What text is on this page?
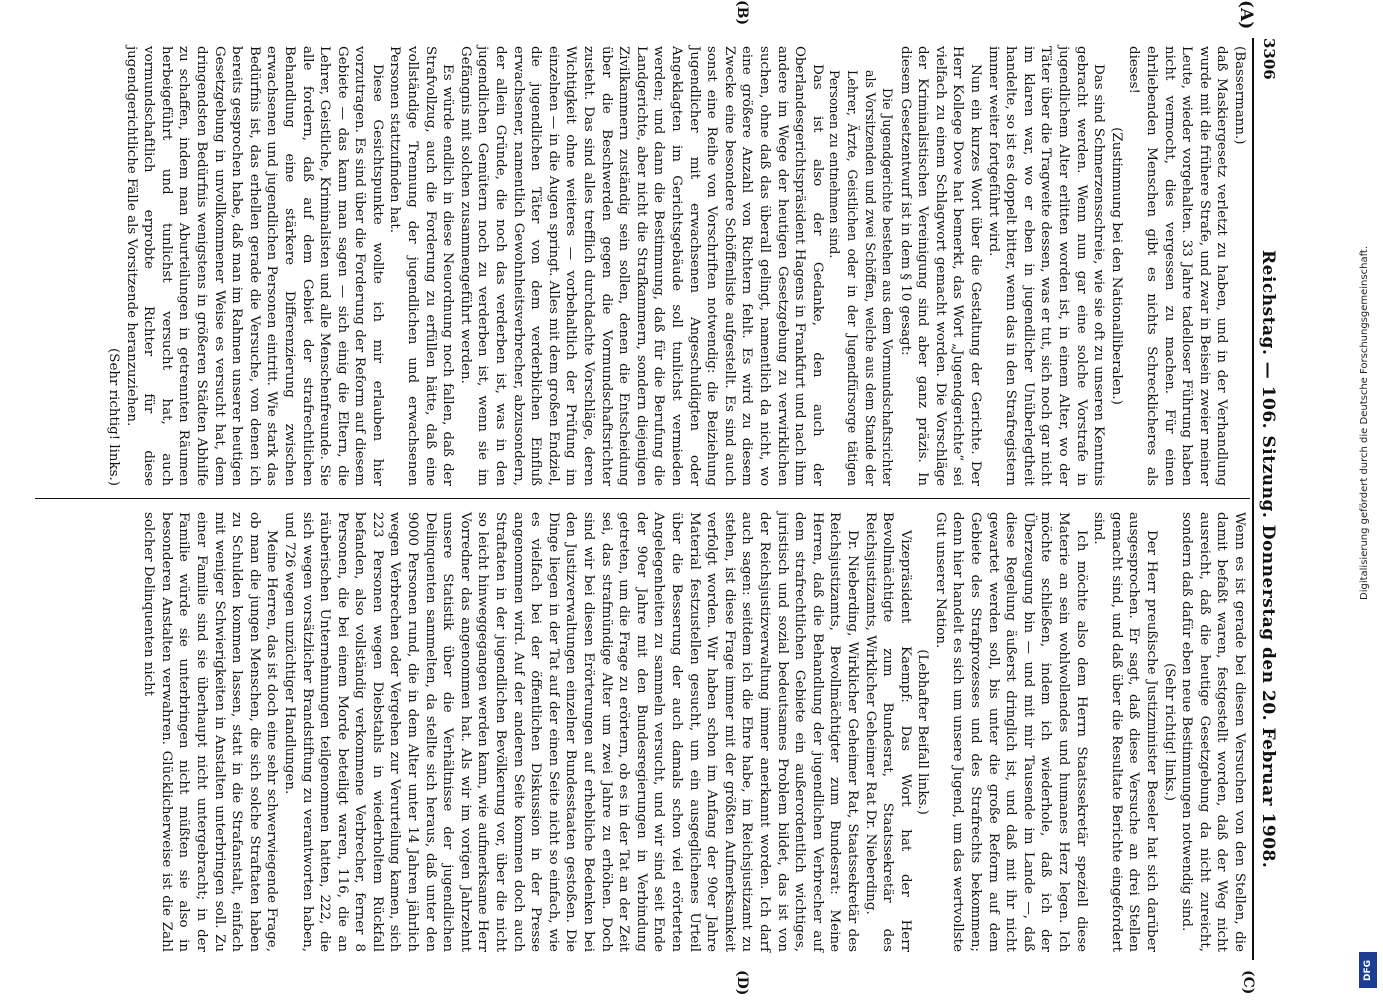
3306
Reichstag. — 106. Sitzung. Donnerstag den 20. Februar 1908.
(A)
(B)
(C)
(D)

(Bassermann.)

daß Maskiergesetz verletzt zu haben, und in der Verhandlung wurde mit die frühere Strafe, und zwar in Beisein zweier meiner Leute, wieder vorgehalten. 33 Jahre tadelloser Führung haben nicht vermocht, dies vergessen zu machen. Für einen ehrliebenden Menschen gibt es nichts Schrecklicheres als dieses!

(Zustimmung bei den Nationalliberalen.)

Das sind Schmerzensschreie, wie sie oft zu unseren Kenntnis gebracht werden. Wenn nun gar eine solche Vorstrafe in jugendlichem Alter erlitten worden ist, in einem Alter, wo der Täter über die Tragweite dessen, was er tut, sich noch gar nicht im klaren war, wo er eben in jugendlicher Unüberlegtheit handelte, so ist es doppelt bitter, wenn das in den Strafregistern immer weiter fortgeführt wird.

Nun ein kurzes Wort über die Gestaltung der Gerichte. Der Herr Kollege Dove hat bemerkt, das Wort „Jugendgerichte“ sei vielfach zu einem Schlagwort gemacht worden. Die Vorschläge der Kriminalistischen Vereinigung sind aber ganz präzis. In diesem Gesetzentwurf ist in dem § 10 gesagt:

Die Jugendgerichte bestehen aus dem Vormundschaftsrichter als Vorsitzenden und zwei Schöffen, welche aus dem Stande der Lehrer, Ärzte, Geistlichen oder in der Jugendfürsorge tätigen Personen zu entnehmen sind.

Das ist also der Gedanke, den auch der Oberlandesgerichtspräsident Hagens in Frankfurt und nach ihm andere im Wege der heutigen Gesetzgebung zu verwirklichen suchen, ohne daß das überall gelingt, namentlich da nicht, wo eine größere Anzahl von Richtern fehlt. Es wird zu diesem Zwecke eine besondere Schöffenliste aufgestellt. Es sind auch sonst eine Reihe von Vorschriften notwendig: die Beiziehung Jugendlicher mit erwachsenen Angeschuldigten oder Angeklagten im Gerichtsgebäude soll tunlichst vermieden werden; und dann die Bestimmung, daß für die Berufung die Landgerichte, aber nicht die Strafkammern, sondern diejenigen Zivilkammern zuständig sein sollen, denen die Entscheidung über die Beschwerden gegen die Vormundschaftsrichter zusteht. Das sind alles trefflich durchdachte Vorschläge, deren Wichtigkeit ohne weiteres — vorbehaltlich der Prüfung im einzelnen — in die Augen springt. Alles mit dem großen Endziel, die jugendlichen Täter von dem verderblichen Einfluß erwachsener, namentlich Gewohnheitsverbrecher, abzusondern, der allein Gründe, die noch das verderben ist, was in den jugendlichen Gemütern noch zu verderben ist, wenn sie im Gefängnis mit solchen zusammengeführt werden.

Es würde endlich in diese Neuordnung noch fallen, daß der Strafvollzug, auch die Forderung zu erfüllen hätte, daß eine vollständige Trennung der jugendlichen und erwachsenen Personen stattzufinden hat.

Diese Gesichtspunkte wollte ich mir erlauben hier vorzutragen. Es sind über die Forderung der Reform auf diesem Gebiete — das kann man sagen — sich einig die Eltern, die Lehrer, Geistliche, Kriminalisten und alle Menschenfreunde. Sie alle fordern, daß auf dem Gebiet der strafrechtlichen Behandlung eine stärkere Differenzierung zwischen erwachsenen und jugendlichen Personen eintritt. Wie stark das Bedürfnis ist, das erhellen gerade die Versuche, von denen ich bereits gesprochen habe, daß man im Rahmen unserer heutigen Gesetzgebung in unvollkommener Weise es versucht hat, dem dringendsten Bedürfnis wenigstens in größeren Städten Abhilfe zu schaffen, indem man Aburteilungen in getrennten Räumen herbeigeführt und tunlichst versucht hat, auch vormundschaftlich erprobte Richter für diese jugendgerichtliche Fälle als Vorsitzende heranzuziehen.

(Sehr richtig! links.)

Wenn es ist gerade bei diesen Versuchen von den Stellen, die damit befaßt waren, festgestellt worden, daß der Weg nicht ausreicht, daß die heutige Gesetzgebung da nicht zureicht, sondern daß dafür eben neue Bestimmungen notwendig sind.

(Sehr richtig! links.)

Der Herr preußische Justizminister Beseler hat sich darüber ausgesprochen. Er sagt, daß diese Versuche an drei Stellen gemacht sind, und daß über die Resultate Berichte eingefordert sind.

Ich möchte also dem Herrn Staatssekretär speziell diese Materie an sein wohlwollendes und humanes Herz legen. Ich möchte schließen, indem ich wiederhole, daß ich der Überzeugung bin — und mit mir Tausende im Lande —, daß diese Regelung äußerst dringlich ist, und daß mit ihr nicht gewartet werden soll, bis unter die große Reform auf dem Gebiete des Strafprozesses und des Strafrechts bekommen; denn hier handelt es sich um unsere Jugend, um das wertvollste Gut unserer Nation.

(Lebhafter Beifall links.)

Vizepräsident Kaempf: Das Wort hat der Herr Bevollmächtigte zum Bundesrat, Staatssekretär des Reichsjustizamts, Wirklicher Geheimer Rat Dr. Nieberding.

Dr. Nieberding, Wirklicher Geheimer Rat, Staatssekretär des Reichsjustizamts, Bevollmächtigter zum Bundesrat: Meine Herren, daß die Behandlung der jugendlichen Verbrecher auf dem strafrechtlichen Gebiete ein außerordentlich wichtiges, juristisch und sozial bedeutsames Problem bildet, das ist von der Reichsjustizverwaltung immer anerkannt worden. Ich darf auch sagen: seitdem ich die Ehre habe, im Reichsjustizamt zu stehen, ist diese Frage immer mit der größten Aufmerksamkeit verfolgt worden. Wir haben schon im Anfang der 90er Jahre Material festzustellen gesucht, um ein ausgeglichenes Urteil über die Besserung der auch damals schon viel erörterten Angelegenheiten zu sammeln versucht, und wir sind seit Ende der 90er Jahre mit den Bundesregierungen in Verbindung getreten, um die Frage zu erörtern, ob es in der Tat an der Zeit sei, das strafmündige Alter um zwei Jahre zu erhöhen. Doch sind wir bei diesen Erörterungen auf erhebliche Bedenken bei den Justizverwaltungen einzelner Bundesstaaten gestoßen. Die Dinge liegen in der Tat auf der einen Seite nicht so einfach, wie es vielfach bei der öffentlichen Diskussion in der Presse angenommen wird. Auf der anderen Seite kommen doch auch Straftaten in der jugendlichen Bevölkerung vor, über die nicht so leicht hinweggegangen werden kann, wie aufmerksame Herr Vorredner das angenommen hat. Als wir im vorigen Jahrzehnt unsere Statistik über die Verhältnisse der jugendlichen Delinquenten sammelten, da stellte sich heraus, daß unter den 9000 Personen rund, die in dem Alter unter 14 Jahren jährlich wegen Verbrechen oder Vergehen zur Verurteilung kamen, sich 223 Personen wegen Diebstahls in wiederholtem Rückfall befanden, also vollständig verkommene Verbrecher, ferner 8 Personen, die bei einem Morde beteiligt waren, 116, die an räuberischen Unternehmungen teilgenommen hatten, 222, die sich wegen vorsätzlicher Brandstiftung zu verantworten haben, und 726 wegen unzüchtiger Handlungen.

Meine Herren, das ist doch eine sehr schwerwiegende Frage, ob man die jungen Menschen, die sich solche Straftaten haben zu Schulden kommen lassen, statt in die Strafanstalt, einfach mit weniger Schwierigkeiten in Anstalten unterbringen soll. Zu einer Familie sind sie überhaupt nicht untergebracht; in der Familie würde sie unterbringen nicht müßten sie also in besonderen Anstalten verwahren. Glücklicherweise ist die Zahl solcher Delinquenten nicht

Digitalisierung gefördert durch die Deutsche Forschungsgemeinschaft.
DFG
